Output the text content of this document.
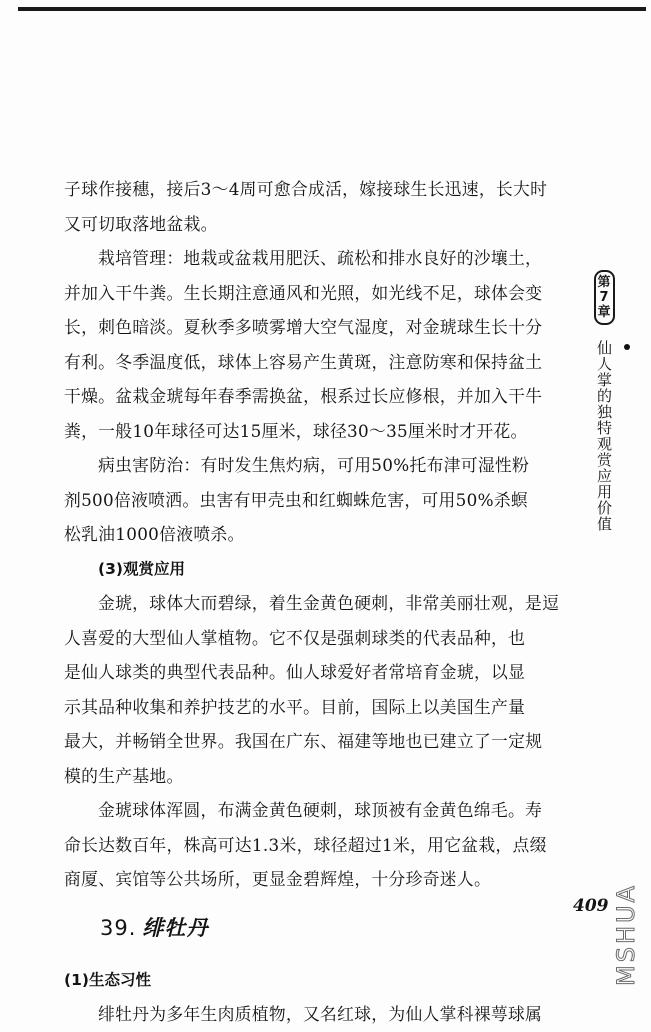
子球作接穗，接后3～4周可愈合成活，嫁接球生长迅速，长大时

又可切取落地盆栽。

栽培管理：地栽或盆栽用肥沃、疏松和排水良好的沙壤土，

并加入干牛粪。生长期注意通风和光照，如光线不足，球体会变

长，刺色暗淡。夏秋季多喷雾增大空气湿度，对金琥球生长十分

有利。冬季温度低，球体上容易产生黄斑，注意防寒和保持盆土

干燥。盆栽金琥每年春季需换盆，根系过长应修根，并加入干牛

粪，一般10年球径可达15厘米，球径30～35厘米时才开花。

病虫害防治：有时发生焦灼病，可用50%托布津可湿性粉

剂500倍液喷洒。虫害有甲壳虫和红蜘蛛危害，可用50%杀螟

松乳油1000倍液喷杀。

(3)观赏应用

金琥，球体大而碧绿，着生金黄色硬刺，非常美丽壮观，是逗

人喜爱的大型仙人掌植物。它不仅是强刺球类的代表品种，也

是仙人球类的典型代表品种。仙人球爱好者常培育金琥，以显

示其品种收集和养护技艺的水平。目前，国际上以美国生产量

最大，并畅销全世界。我国在广东、福建等地也已建立了一定规

模的生产基地。

金琥球体浑圆，布满金黄色硬刺，球顶被有金黄色绵毛。寿

命长达数百年，株高可达1.3米，球径超过1米，用它盆栽，点缀

商厦、宾馆等公共场所，更显金碧辉煌，十分珍奇迷人。

39. 绯牡丹

(1)生态习性

绯牡丹为多年生肉质植物，又名红球，为仙人掌科裸萼球属

第
7
章
仙人掌的独特观赏应用价值
409 MSHUA
